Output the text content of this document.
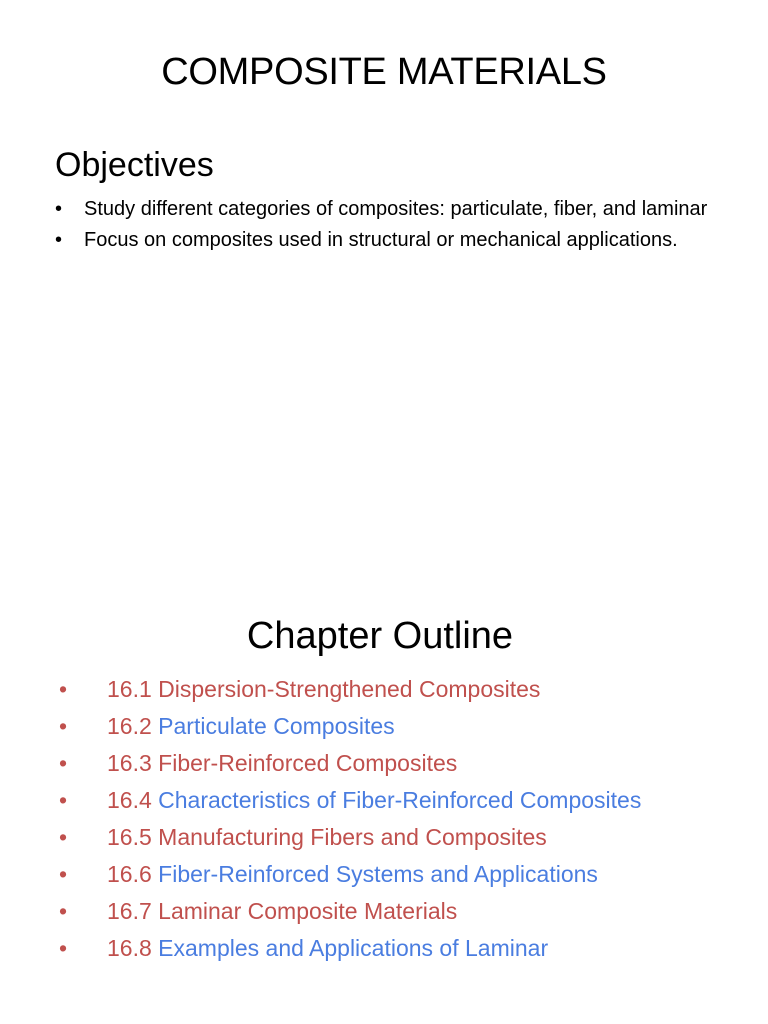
COMPOSITE MATERIALS
Objectives
• Study different categories of composites: particulate, fiber, and laminar
• Focus on composites used in structural or mechanical applications.
Chapter Outline
• 16.1 Dispersion-Strengthened Composites
• 16.2 Particulate Composites
• 16.3 Fiber-Reinforced Composites
• 16.4 Characteristics of Fiber-Reinforced Composites
• 16.5 Manufacturing Fibers and Composites
• 16.6 Fiber-Reinforced Systems and Applications
• 16.7 Laminar Composite Materials
• 16.8 Examples and Applications of Laminar
